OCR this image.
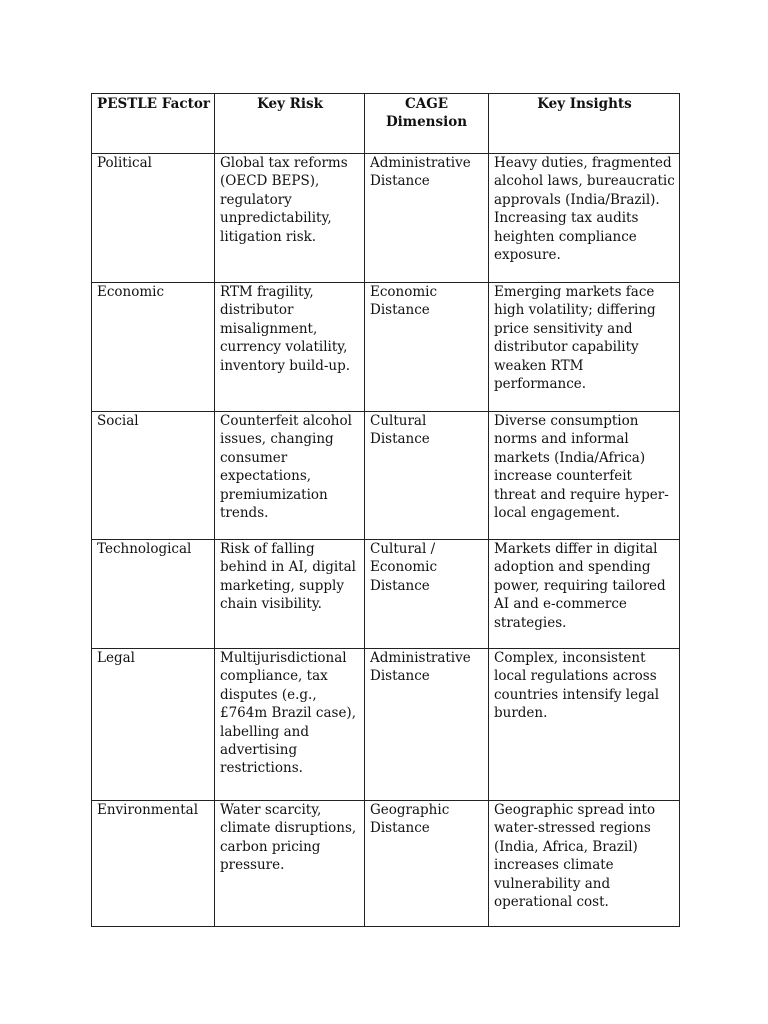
PESTLE Factor	Key Risk	CAGE Dimension	Key Insights
Political	Global tax reforms (OECD BEPS), regulatory unpredictability, litigation risk.	Administrative Distance	Heavy duties, fragmented alcohol laws, bureaucratic approvals (India/Brazil). Increasing tax audits heighten compliance exposure.
Economic	RTM fragility, distributor misalignment, currency volatility, inventory build-up.	Economic Distance	Emerging markets face high volatility; differing price sensitivity and distributor capability weaken RTM performance.
Social	Counterfeit alcohol issues, changing consumer expectations, premiumization trends.	Cultural Distance	Diverse consumption norms and informal markets (India/Africa) increase counterfeit threat and require hyper-local engagement.
Technological	Risk of falling behind in AI, digital marketing, supply chain visibility.	Cultural / Economic Distance	Markets differ in digital adoption and spending power, requiring tailored AI and e-commerce strategies.
Legal	Multijurisdictional compliance, tax disputes (e.g., £764m Brazil case), labelling and advertising restrictions.	Administrative Distance	Complex, inconsistent local regulations across countries intensify legal burden.
Environmental	Water scarcity, climate disruptions, carbon pricing pressure.	Geographic Distance	Geographic spread into water-stressed regions (India, Africa, Brazil) increases climate vulnerability and operational cost.
